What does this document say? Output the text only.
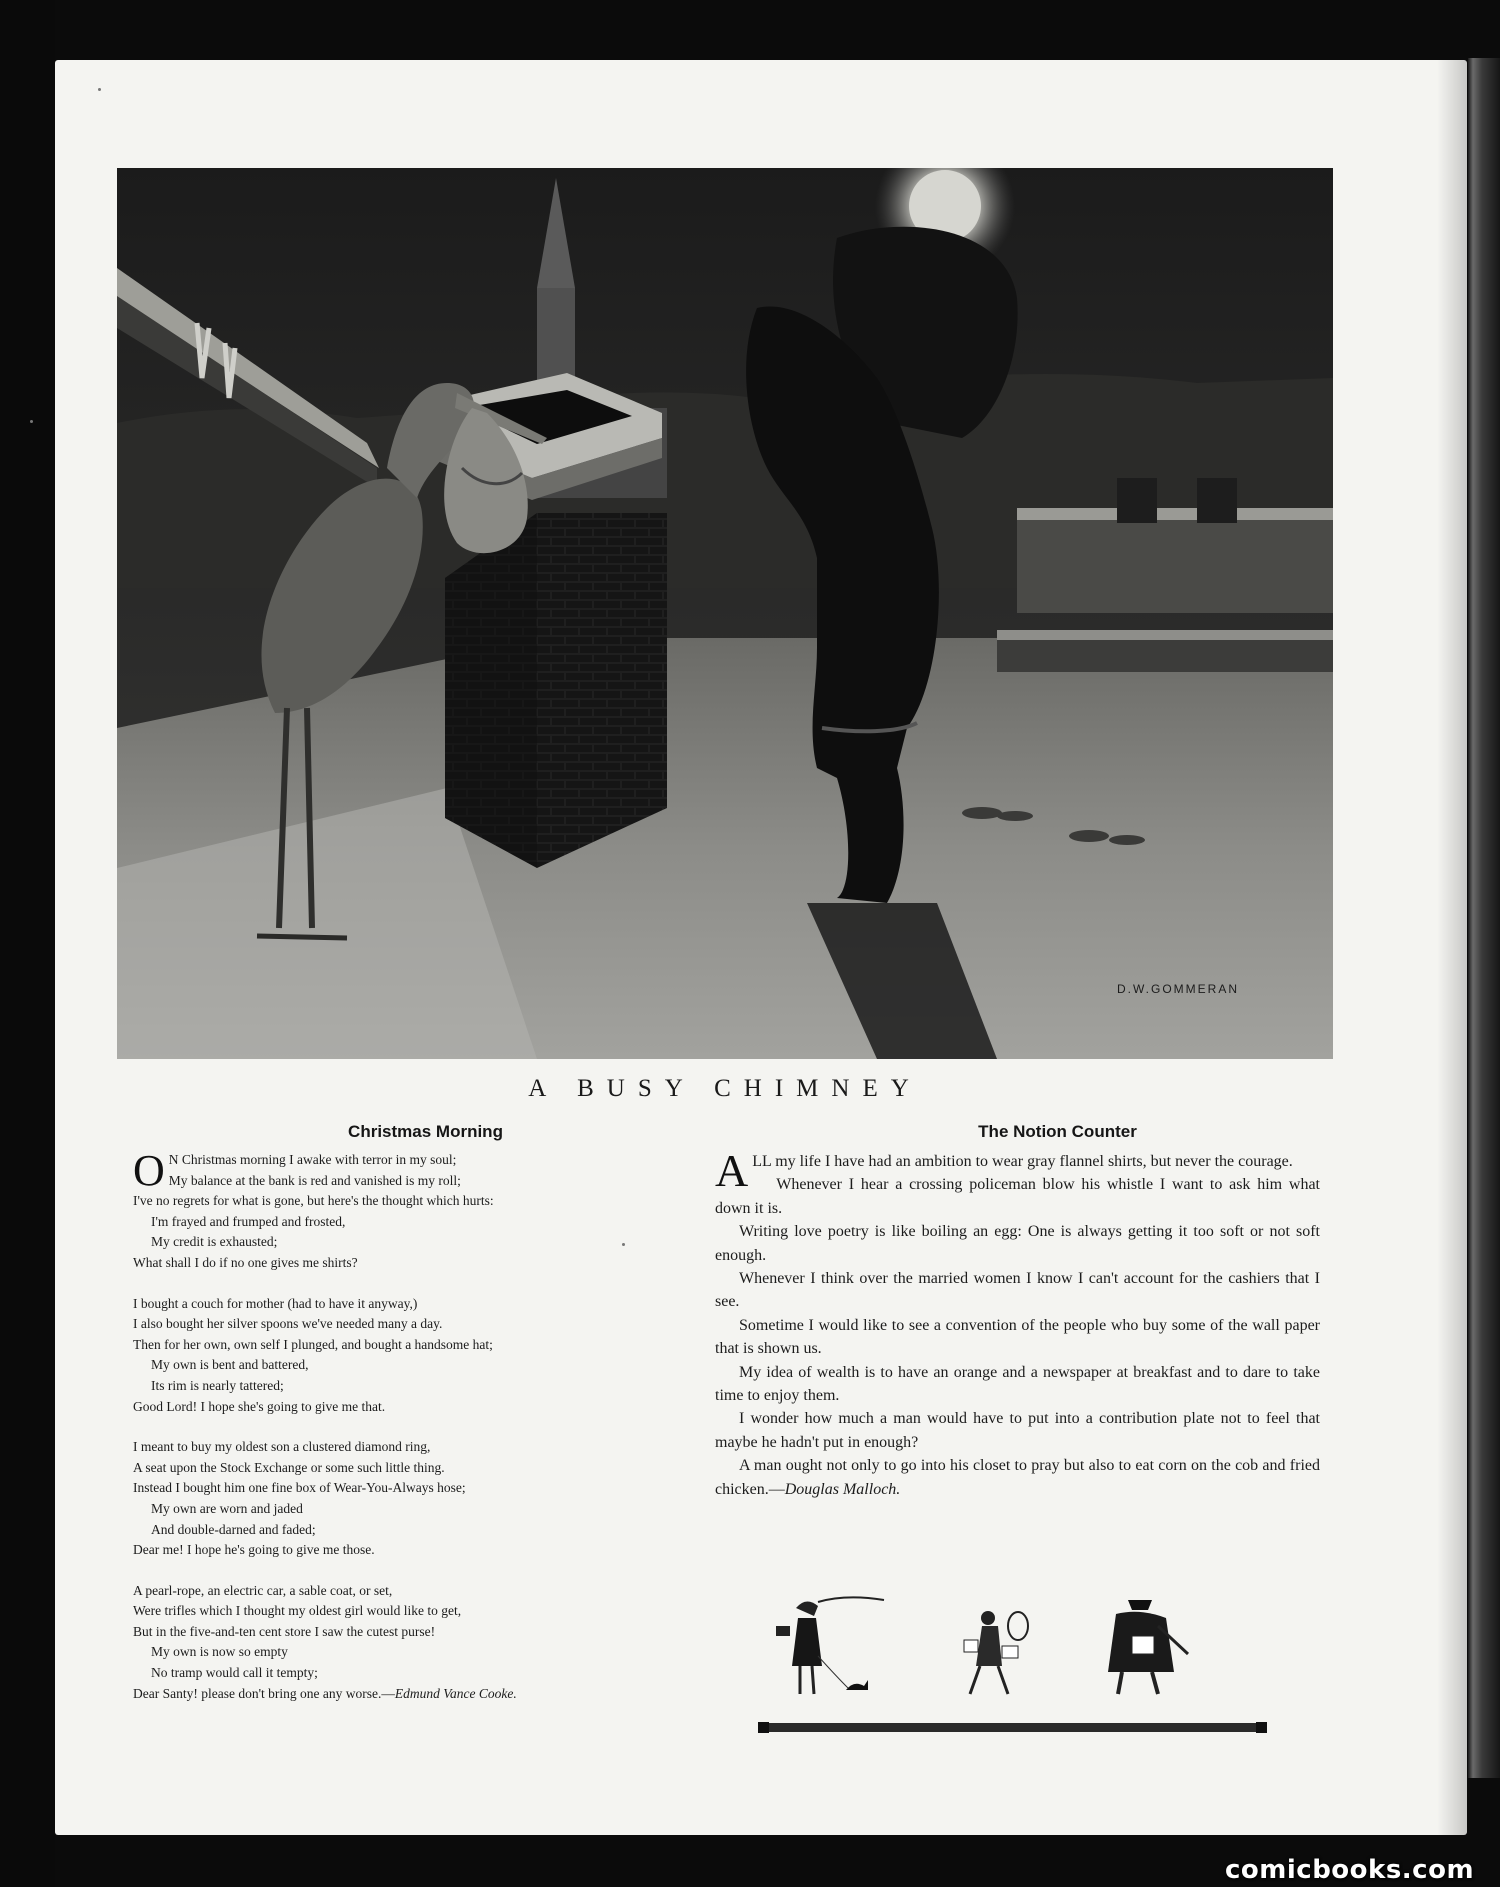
D.W.GOMMERAN
A BUSY CHIMNEY
Christmas Morning
O N Christmas morning I awake with terror in my soul;
My balance at the bank is red and vanished is my roll;
I've no regrets for what is gone, but here's the thought which hurts:
I'm frayed and frumped and frosted,
My credit is exhausted;
What shall I do if no one gives me shirts?
I bought a couch for mother (had to have it anyway,)
I also bought her silver spoons we've needed many a day.
Then for her own, own self I plunged, and bought a handsome hat;
My own is bent and battered,
Its rim is nearly tattered;
Good Lord! I hope she's going to give me that.
I meant to buy my oldest son a clustered diamond ring,
A seat upon the Stock Exchange or some such little thing.
Instead I bought him one fine box of Wear-You-Always hose;
My own are worn and jaded
And double-darned and faded;
Dear me! I hope he's going to give me those.
A pearl-rope, an electric car, a sable coat, or set,
Were trifles which I thought my oldest girl would like to get,
But in the five-and-ten cent store I saw the cutest purse!
My own is now so empty
No tramp would call it tempty;
Dear Santy! please don't bring one any worse.—Edmund Vance Cooke.
The Notion Counter

ALL my life I have had an ambition to wear gray flannel shirts, but never the courage.

Whenever I hear a crossing policeman blow his whistle I want to ask him what down it is.

Writing love poetry is like boiling an egg: One is always getting it too soft or not soft enough.

Whenever I think over the married women I know I can't account for the cashiers that I see.

Sometime I would like to see a convention of the people who buy some of the wall paper that is shown us.

My idea of wealth is to have an orange and a newspaper at breakfast and to dare to take time to enjoy them.

I wonder how much a man would have to put into a contribution plate not to feel that maybe he hadn't put in enough?

A man ought not only to go into his closet to pray but also to eat corn on the cob and fried chicken.—Douglas Malloch.

comicbooks.com
